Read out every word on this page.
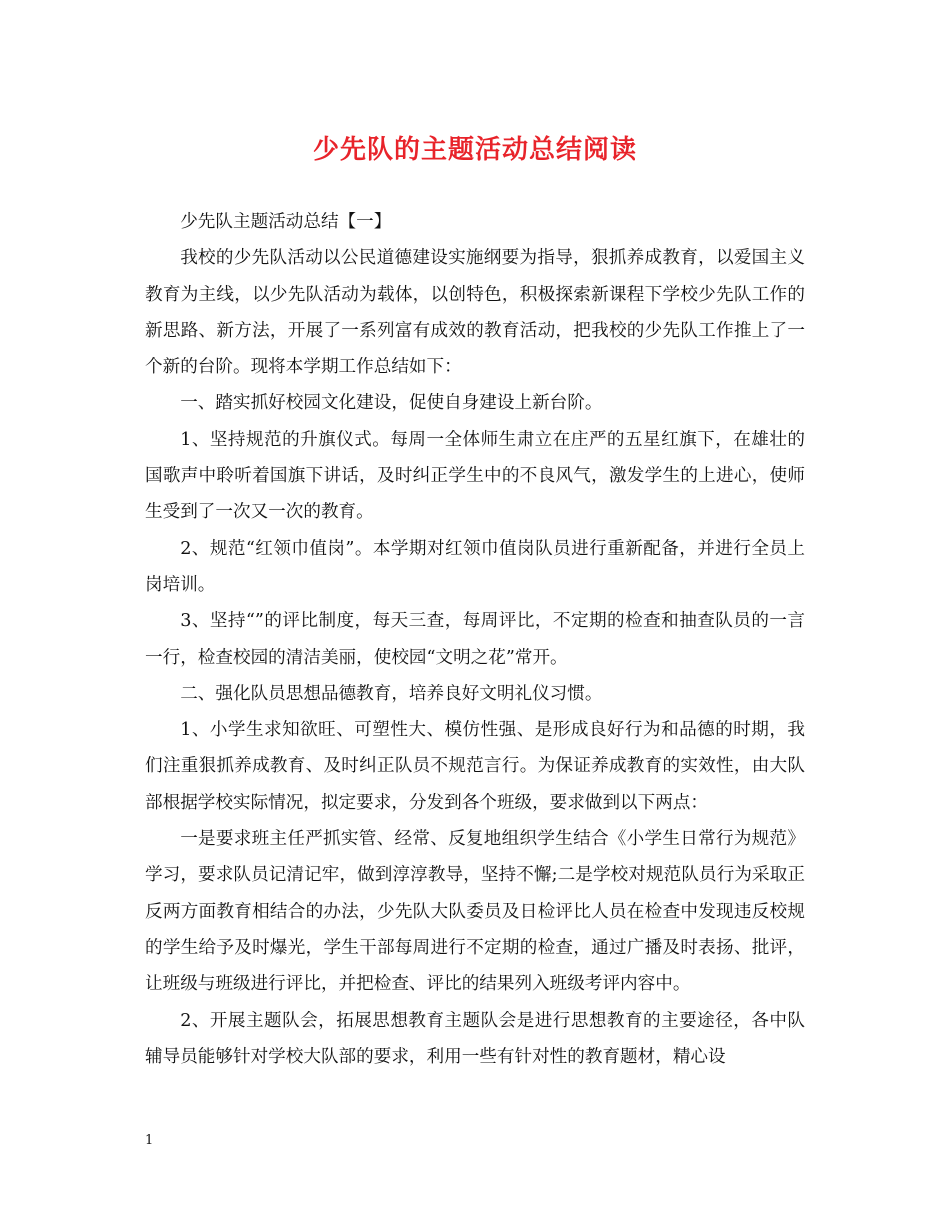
少先队的主题活动总结阅读

少先队主题活动总结【一】

我校的少先队活动以公民道德建设实施纲要为指导，狠抓养成教育，以爱国主义教育为主线，以少先队活动为载体，以创特色，积极探索新课程下学校少先队工作的新思路、新方法，开展了一系列富有成效的教育活动，把我校的少先队工作推上了一个新的台阶。现将本学期工作总结如下：

一、踏实抓好校园文化建设，促使自身建设上新台阶。

1、坚持规范的升旗仪式。每周一全体师生肃立在庄严的五星红旗下，在雄壮的国歌声中聆听着国旗下讲话，及时纠正学生中的不良风气，激发学生的上进心，使师生受到了一次又一次的教育。

2、规范“红领巾值岗”。本学期对红领巾值岗队员进行重新配备，并进行全员上岗培训。

3、坚持“”的评比制度，每天三查，每周评比，不定期的检查和抽查队员的一言一行，检查校园的清洁美丽，使校园“文明之花”常开。

二、强化队员思想品德教育，培养良好文明礼仪习惯。

1、小学生求知欲旺、可塑性大、模仿性强、是形成良好行为和品德的时期，我们注重狠抓养成教育、及时纠正队员不规范言行。为保证养成教育的实效性，由大队部根据学校实际情况，拟定要求，分发到各个班级，要求做到以下两点：

一是要求班主任严抓实管、经常、反复地组织学生结合《小学生日常行为规范》学习，要求队员记清记牢，做到淳淳教导，坚持不懈;二是学校对规范队员行为采取正反两方面教育相结合的办法，少先队大队委员及日检评比人员在检查中发现违反校规的学生给予及时爆光，学生干部每周进行不定期的检查，通过广播及时表扬、批评，让班级与班级进行评比，并把检查、评比的结果列入班级考评内容中。

2、开展主题队会，拓展思想教育主题队会是进行思想教育的主要途径，各中队辅导员能够针对学校大队部的要求，利用一些有针对性的教育题材，精心设

1
